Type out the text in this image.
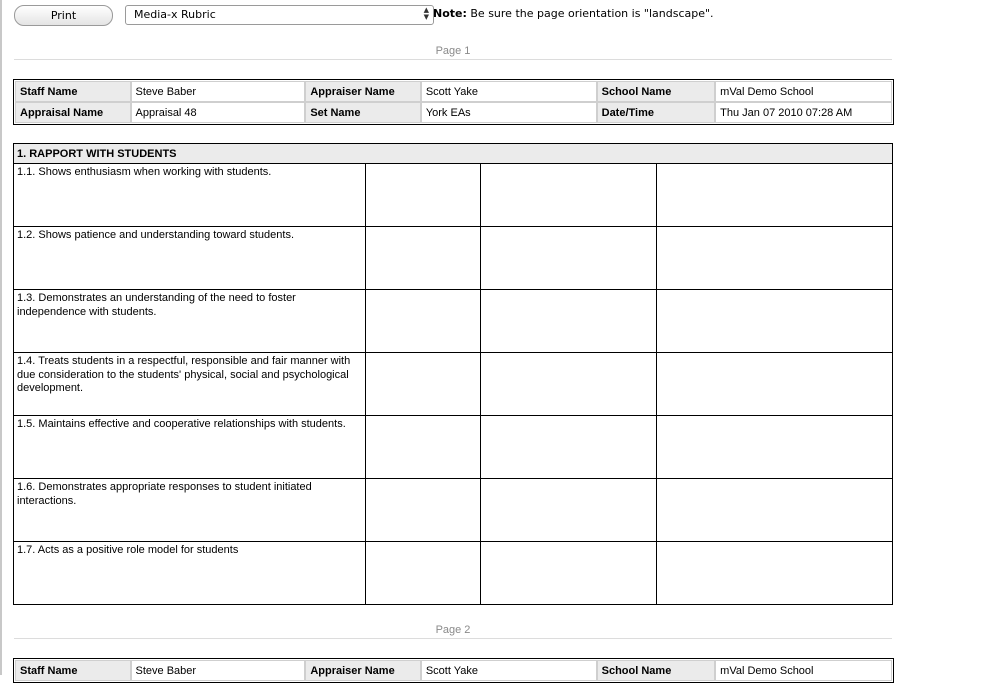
Print	Media-x Rubric	▲
▼ Note: Be sure the page orientation is "landscape".
Page 1
Staff Name	Steve Baber	Appraiser Name	Scott Yake	School Name	mVal Demo School
Appraisal Name	Appraisal 48	Set Name	York EAs	Date/Time	Thu Jan 07 2010 07:28 AM
1. RAPPORT WITH STUDENTS			
1.1. Shows enthusiasm when working with students.			
1.2. Shows patience and understanding toward students.			
1.3. Demonstrates an understanding of the need to foster independence with students.			
1.4. Treats students in a respectful, responsible and fair manner with due consideration to the students' physical, social and psychological development.			
1.5. Maintains effective and cooperative relationships with students.			
1.6. Demonstrates appropriate responses to student initiated interactions.			
1.7. Acts as a positive role model for students			
Page 2
Staff Name	Steve Baber	Appraiser Name	Scott Yake	School Name	mVal Demo School
